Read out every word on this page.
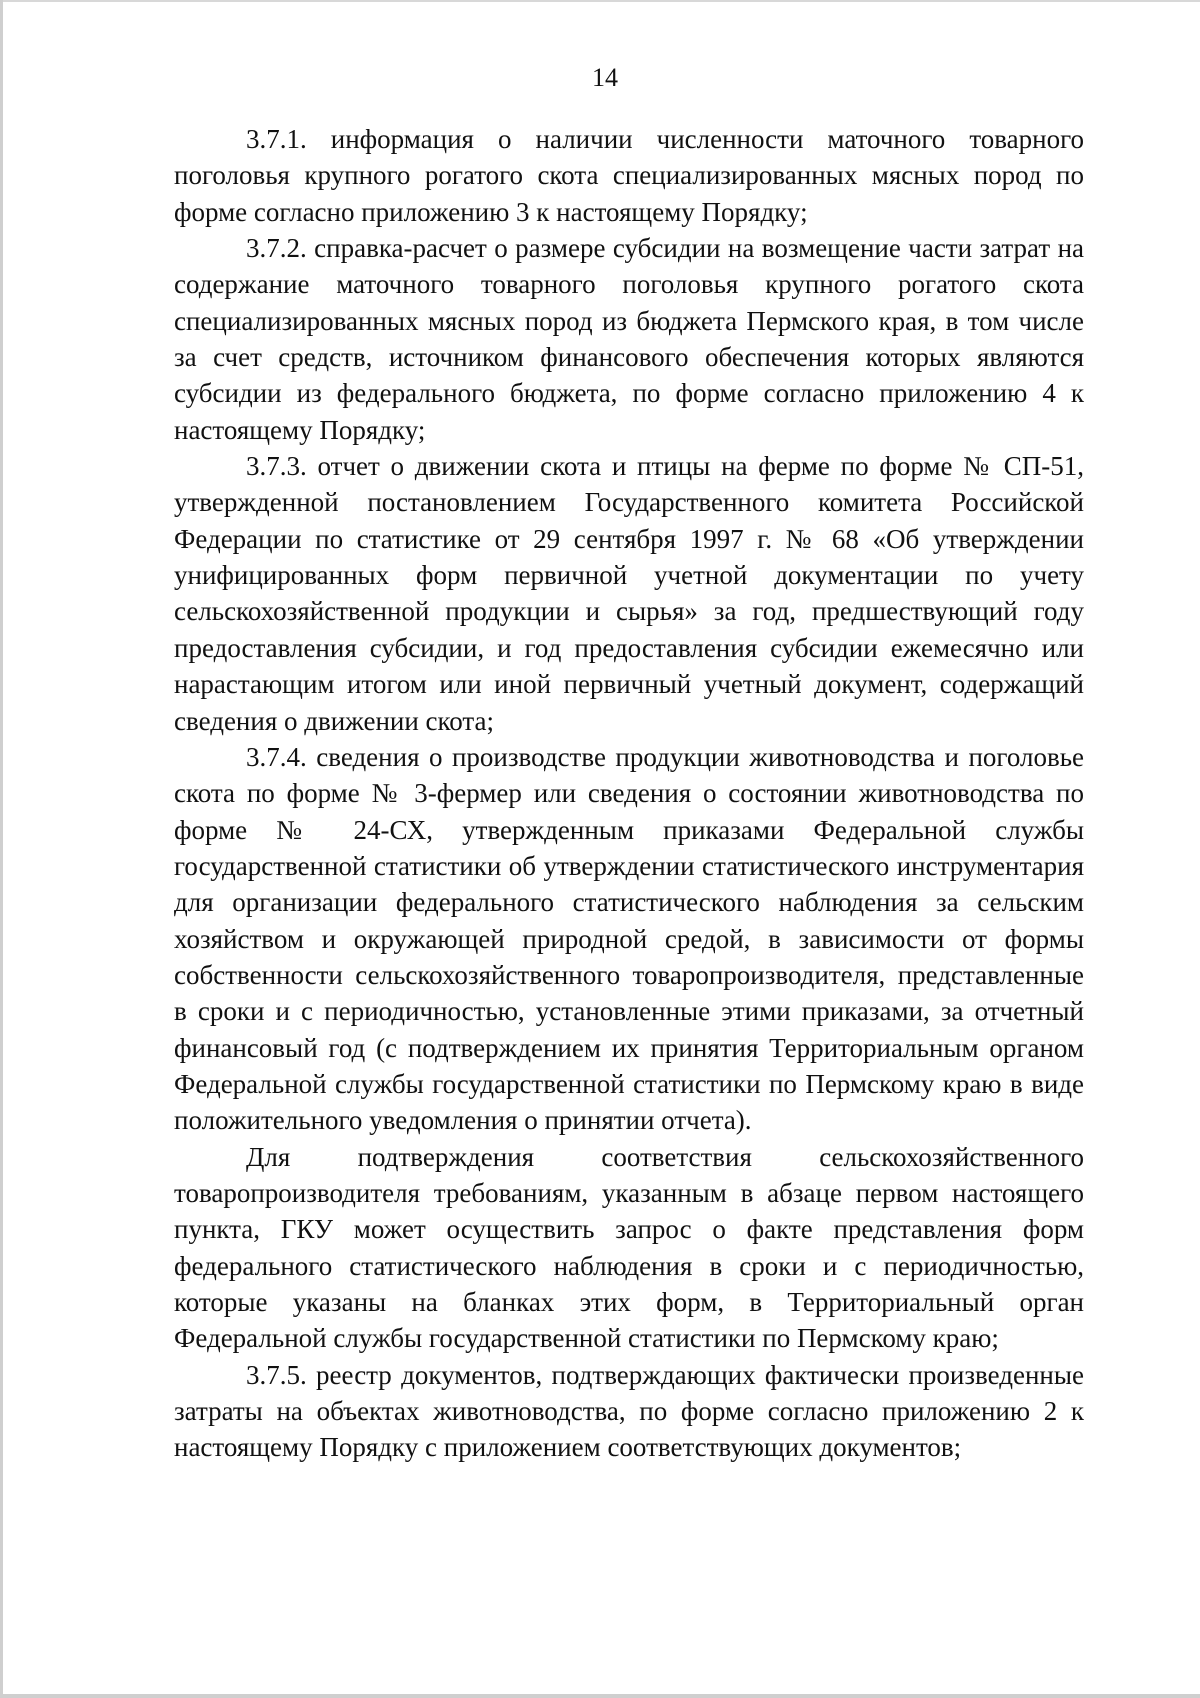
14

3.7.1. информация о наличии численности маточного товарного поголовья крупного рогатого скота специализированных мясных пород по форме согласно приложению 3 к настоящему Порядку;

3.7.2. справка-расчет о размере субсидии на возмещение части затрат на содержание маточного товарного поголовья крупного рогатого скота специализированных мясных пород из бюджета Пермского края, в том числе за счет средств, источником финансового обеспечения которых являются субсидии из федерального бюджета, по форме согласно приложению 4 к настоящему Порядку;

3.7.3. отчет о движении скота и птицы на ферме по форме № СП-51, утвержденной постановлением Государственного комитета Российской Федерации по статистике от 29 сентября 1997 г. № 68 «Об утверждении унифицированных форм первичной учетной документации по учету сельскохозяйственной продукции и сырья» за год, предшествующий году предоставления субсидии, и год предоставления субсидии ежемесячно или нарастающим итогом или иной первичный учетный документ, содержащий сведения о движении скота;

3.7.4. сведения о производстве продукции животноводства и поголовье скота по форме № 3-фермер или сведения о состоянии животноводства по форме № 24-СХ, утвержденным приказами Федеральной службы государственной статистики об утверждении статистического инструментария для организации федерального статистического наблюдения за сельским хозяйством и окружающей природной средой, в зависимости от формы собственности сельскохозяйственного товаропроизводителя, представленные в сроки и с периодичностью, установленные этими приказами, за отчетный финансовый год (с подтверждением их принятия Территориальным органом Федеральной службы государственной статистики по Пермскому краю в виде положительного уведомления о принятии отчета).

Для подтверждения соответствия сельскохозяйственного товаропроизводителя требованиям, указанным в абзаце первом настоящего пункта, ГКУ может осуществить запрос о факте представления форм федерального статистического наблюдения в сроки и с периодичностью, которые указаны на бланках этих форм, в Территориальный орган Федеральной службы государственной статистики по Пермскому краю;

3.7.5. реестр документов, подтверждающих фактически произведенные затраты на объектах животноводства, по форме согласно приложению 2 к настоящему Порядку с приложением соответствующих документов;
